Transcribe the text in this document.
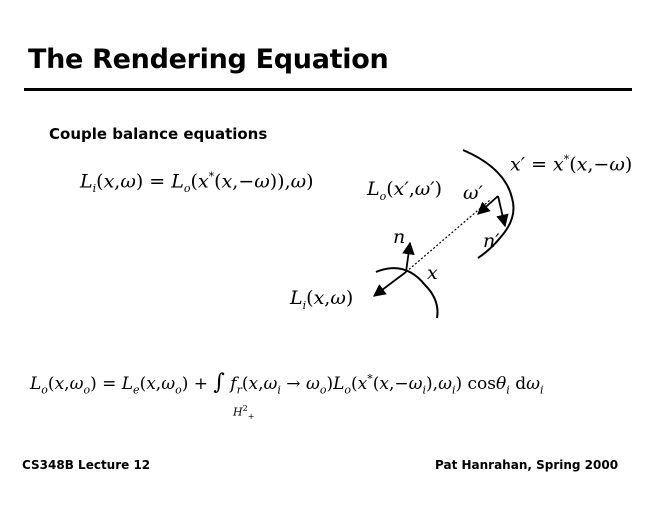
The Rendering Equation
Couple balance equations
$L_i(x,\omega) = L_o(x^*(x,-\omega)),\omega$)	$L_o(x',\omega')$
x′ = x*(x,−ω)
ω′
n′
n
x
$L_i(x,\omega)$
$L_o(x,\omega_o) = L_e(x,\omega_o)$ + ∫ $f_r(x,\omega_i \to \omega_o)L_o(x^*(x,-\omega_i),\omega_i)$ cosθ$_i$ $d\omega_i$
$H^2_+$
CS348B Lecture 12	Pat Hanrahan, Spring 2000
